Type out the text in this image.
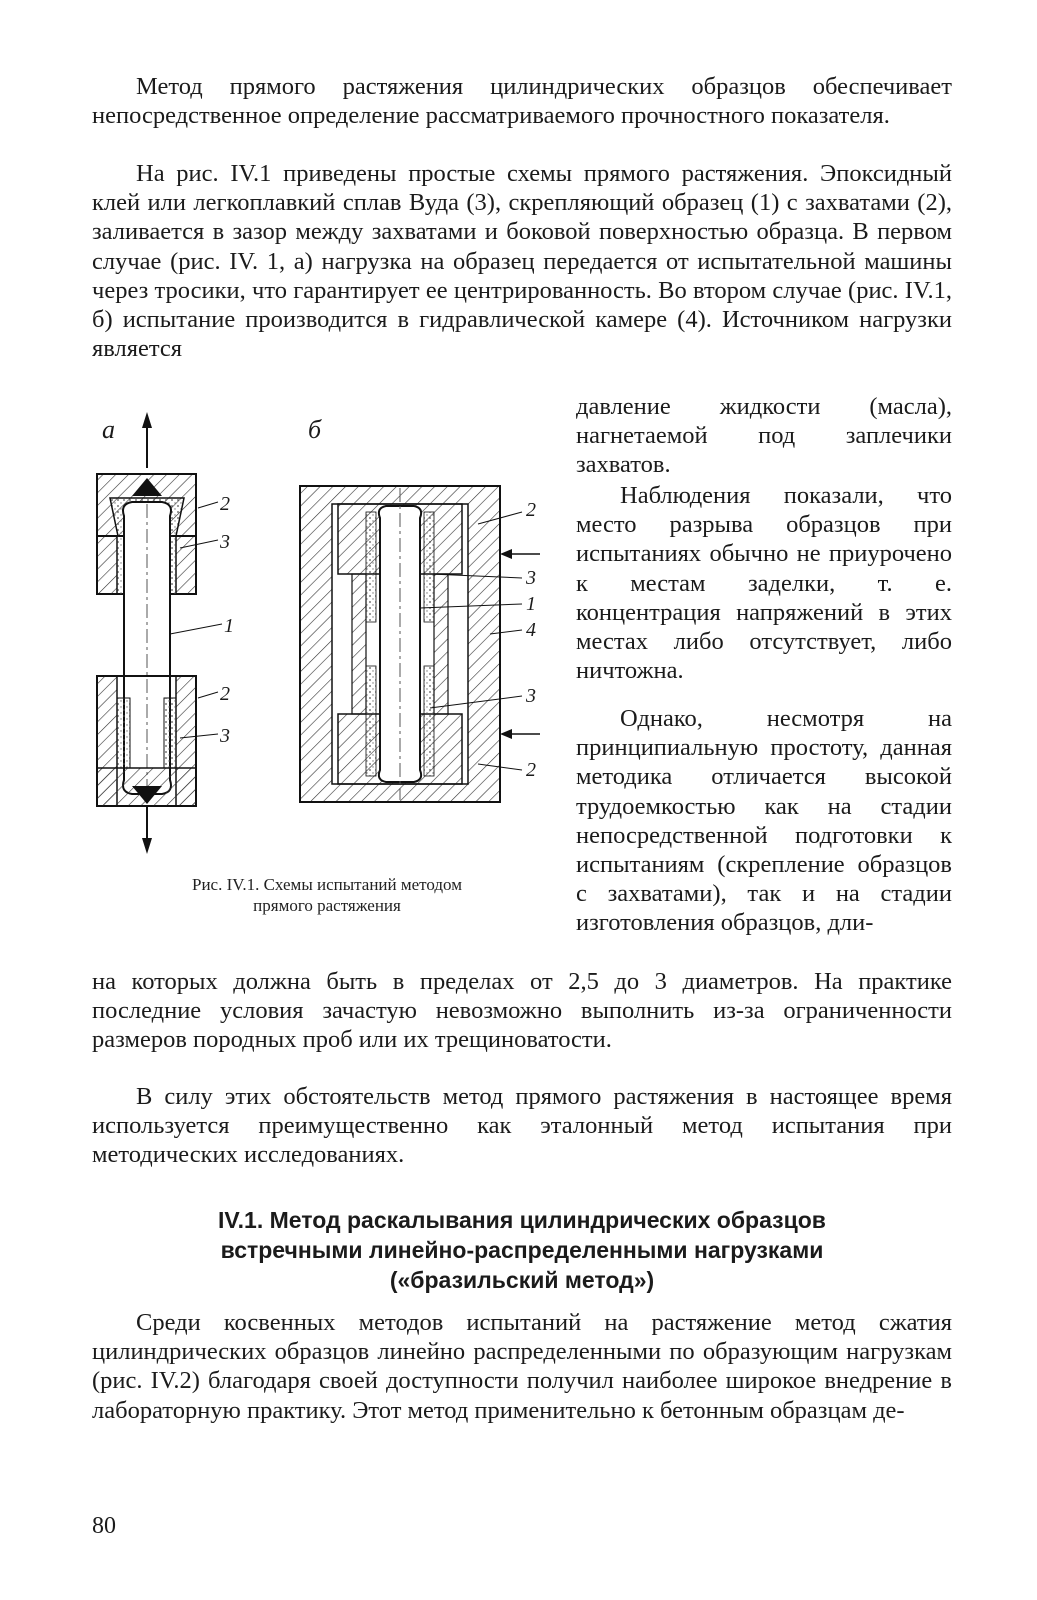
Метод прямого растяжения цилиндрических образцов обеспечивает непосредственное определение рассматриваемого прочностного показателя.

На рис. IV.1 приведены простые схемы прямого растяжения. Эпоксидный клей или легкоплавкий сплав Вуда (3), скрепляющий образец (1) с захватами (2), заливается в зазор между захватами и боковой поверхностью образца. В первом случае (рис. IV. 1, а) нагрузка на образец передается от испытательной машины через тросики, что гарантирует ее центрированность. Во втором случае (рис. IV.1, б) испытание производится в гидравлической камере (4). Источником нагрузки является

давление жидкости (масла), нагнетаемой под заплечики захватов.

Наблюдения показали, что место разрыва образцов при испытаниях обычно не приурочено к местам заделки, т. е. концентрация напряжений в этих местах либо отсутствует, либо ничтожна.

Однако, несмотря на принципиальную простоту, данная методика отличается высокой трудоемкостью как на стадии непосредственной подготовки к испытаниям (скрепление образцов с захватами), так и на стадии изготовления образцов, дли-

а	б
2
3
1
2
3
2
3
1
4
3
2
Рис. IV.1. Схемы испытаний методом
прямого растяжения

на которых должна быть в пределах от 2,5 до 3 диаметров. На практике последние условия зачастую невозможно выполнить из-за ограниченности размеров породных проб или их трещиноватости.

В силу этих обстоятельств метод прямого растяжения в настоящее время используется преимущественно как эталонный метод испытания при методических исследованиях.

IV.1. Метод раскалывания цилиндрических образцов
встречными линейно-распределенными нагрузками
(«бразильский метод»)

Среди косвенных методов испытаний на растяжение метод сжатия цилиндрических образцов линейно распределенными по образующим нагрузкам (рис. IV.2) благодаря своей доступности получил наиболее широкое внедрение в лабораторную практику. Этот метод применительно к бетонным образцам де-

80
